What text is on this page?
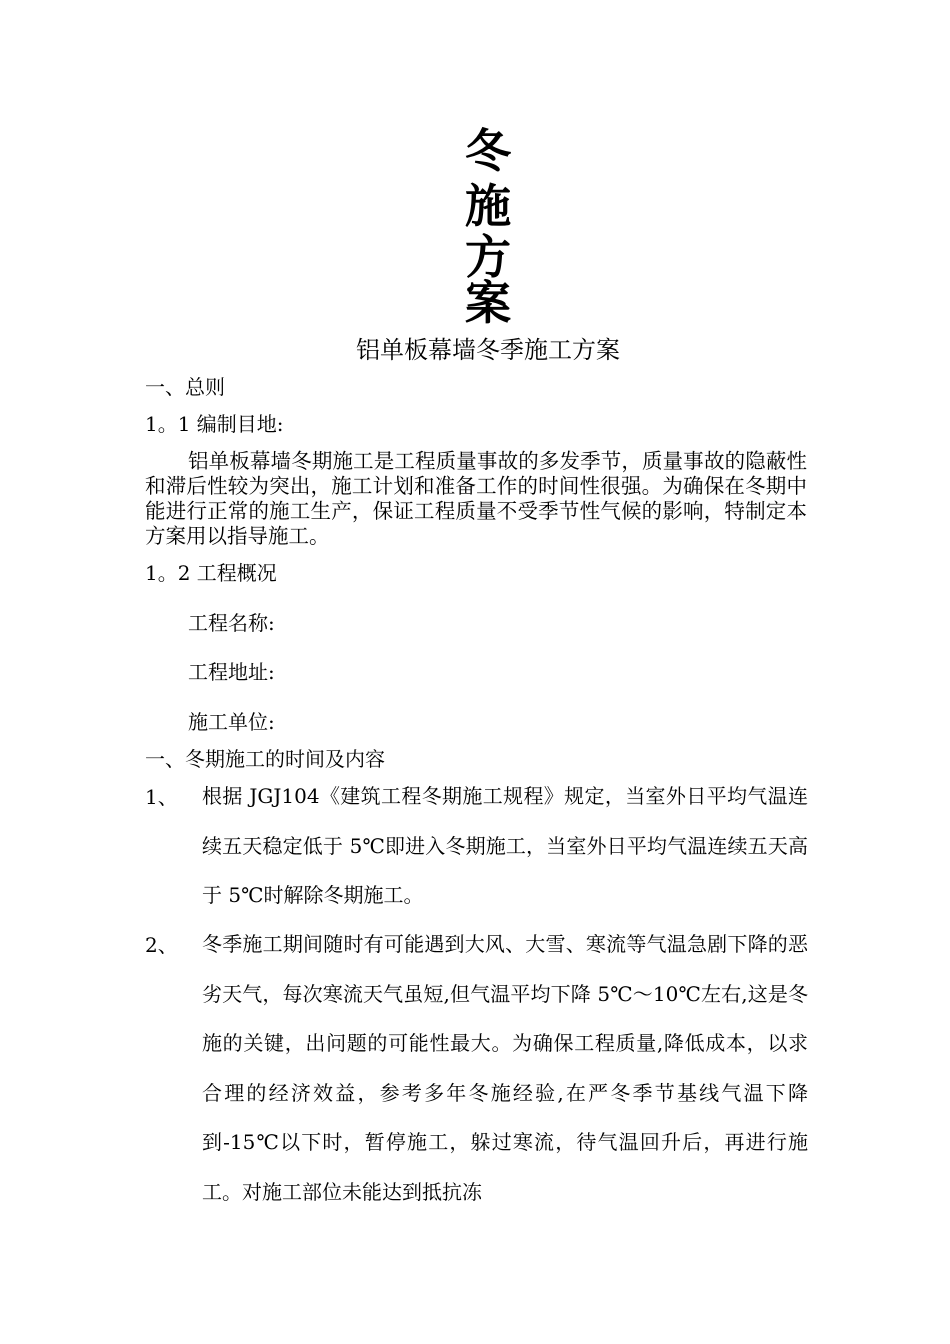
冬
施
方
案
铝单板幕墙冬季施工方案
一、总则
1。1 编制目地:
铝单板幕墙冬期施工是工程质量事故的多发季节，质量事故的隐蔽性和滞后性较为突出，施工计划和准备工作的时间性很强。为确保在冬期中能进行正常的施工生产，保证工程质量不受季节性气候的影响，特制定本方案用以指导施工。
1。2 工程概况
工程名称:
工程地址:
施工单位:
一、冬期施工的时间及内容
1、 根据 JGJ104《建筑工程冬期施工规程》规定，当室外日平均气温连续五天稳定低于 5℃即进入冬期施工，当室外日平均气温连续五天高于 5℃时解除冬期施工。
2、 冬季施工期间随时有可能遇到大风、大雪、寒流等气温急剧下降的恶劣天气，每次寒流天气虽短,但气温平均下降 5℃～10℃左右,这是冬施的关键，出问题的可能性最大。为确保工程质量,降低成本，以求合理的经济效益，参考多年冬施经验,在严冬季节基线气温下降到-15℃以下时，暂停施工，躲过寒流，待气温回升后，再进行施工。对施工部位未能达到抵抗冻
